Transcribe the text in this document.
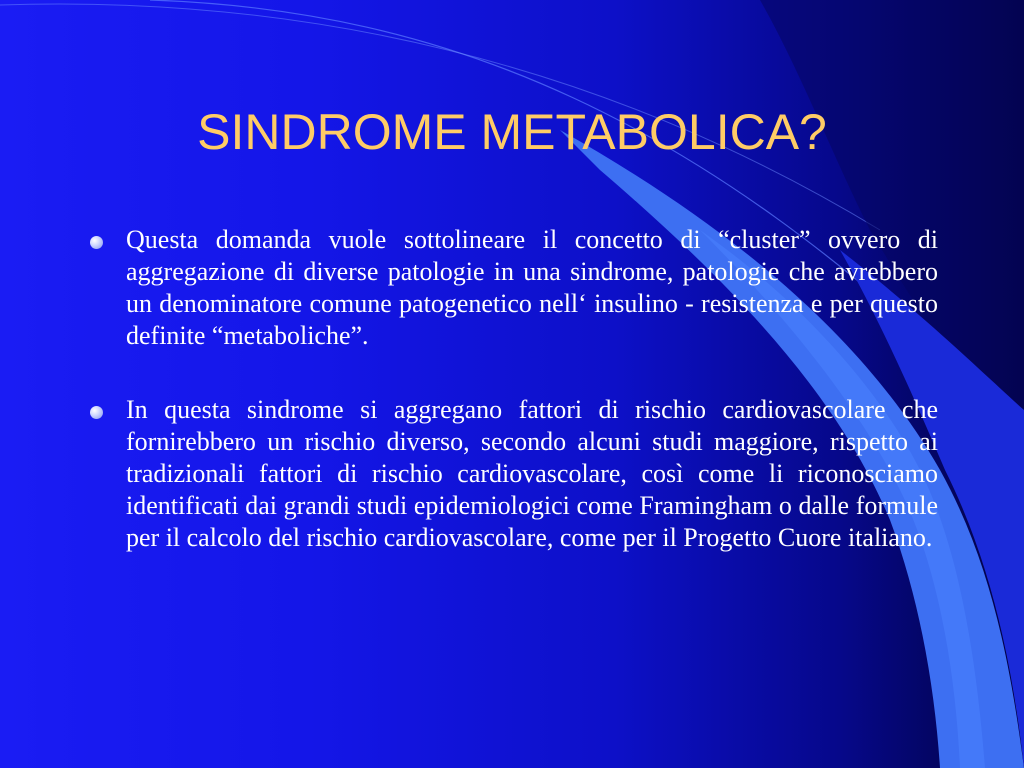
SINDROME METABOLICA?

Questa domanda vuole sottolineare il concetto di “cluster” ovvero di aggregazione di diverse patologie in una sindrome, patologie che avrebbero un denominatore comune patogenetico nell‘ insulino - resistenza e per questo definite “metaboliche”.

In questa sindrome si aggregano fattori di rischio cardiovascolare che fornirebbero un rischio diverso, secondo alcuni studi maggiore, rispetto ai tradizionali fattori di rischio cardiovascolare, così come li riconosciamo identificati dai grandi studi epidemiologici come Framingham o dalle formule per il calcolo del rischio cardiovascolare, come per il Progetto Cuore italiano.
